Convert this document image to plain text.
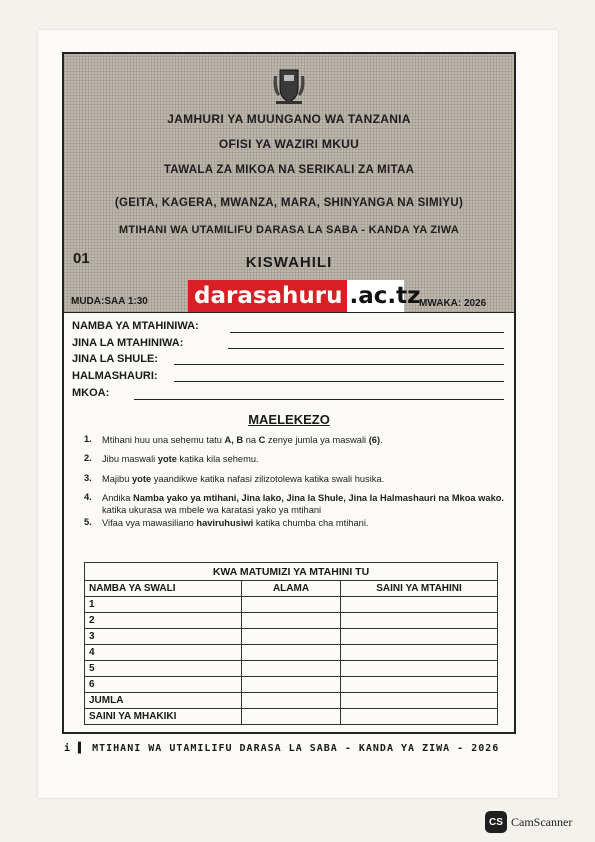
JAMHURI YA MUUNGANO WA TANZANIA
OFISI YA WAZIRI MKUU
TAWALA ZA MIKOA NA SERIKALI ZA MITAA
(GEITA, KAGERA, MWANZA, MARA, SHINYANGA NA SIMIYU)
MTIHANI WA UTAMILIFU DARASA LA SABA - KANDA YA ZIWA
01	KISWAHILI
darasahuru .ac.tz
MUDA:SAA 1:30	MWAKA: 2026
NAMBA YA MTAHINIWA:
JINA LA MTAHINIWA:
JINA LA SHULE:
HALMASHAURI:
MKOA:
MAELEKEZO
1. Mtihani huu una sehemu tatu A, B na C zenye jumla ya maswali (6).
2. Jibu maswali yote katika kila sehemu.
3. Majibu yote yaandikwe katika nafasi zilizotolewa katika swali husika.
4. Andika Namba yako ya mtihani, Jina lako, Jina la Shule, Jina la Halmashauri na Mkoa wako. katika ukurasa wa mbele wa karatasi yako ya mtihani
5. Vifaa vya mawasiliano haviruhusiwi katika chumba cha mtihani.
KWA MATUMIZI YA MTAHINI TU		
NAMBA YA SWALI	ALAMA	SAINI YA MTAHINI
1		
2		
3		
4		
5		
6		
JUMLA		
SAINI YA MHAKIKI		
i ▌ MTIHANI WA UTAMILIFU DARASA LA SABA - KANDA YA ZIWA - 2026
CS CamScanner
